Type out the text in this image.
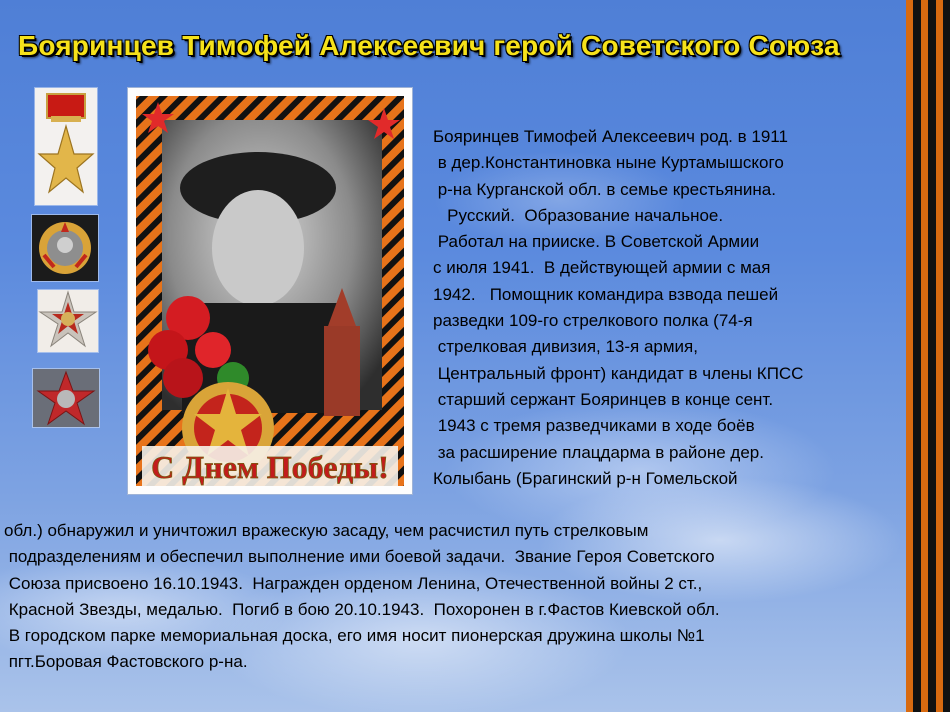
Бояринцев Тимофей Алексеевич герой Советского Союза
С Днем Победы!
Бояринцев Тимофей Алексеевич род. в 1911
в дер.Константиновка ныне Куртамышского
р-на Курганской обл. в семье крестьянина.
Русский.  Образование начальное.
Работал на прииске. В Советской Армии
с июля 1941.  В действующей армии с мая
1942.   Помощник командира взвода пешей
разведки 109-го стрелкового полка (74-я
стрелковая дивизия, 13-я армия,
Центральный фронт) кандидат в члены КПСС
старший сержант Бояринцев в конце сент.
1943 с тремя разведчиками в ходе боёв
за расширение плацдарма в районе дер.
Колыбань (Брагинский р-н Гомельской
обл.) обнаружил и уничтожил вражескую засаду, чем расчистил путь стрелковым
подразделениям и обеспечил выполнение ими боевой задачи.  Звание Героя Советского
Союза присвоено 16.10.1943.  Награжден орденом Ленина, Отечественной войны 2 ст.,
Красной Звезды, медалью.  Погиб в бою 20.10.1943.  Похоронен в г.Фастов Киевской обл.
В городском парке мемориальная доска, его имя носит пионерская дружина школы №1
пгт.Боровая Фастовского р-на.
